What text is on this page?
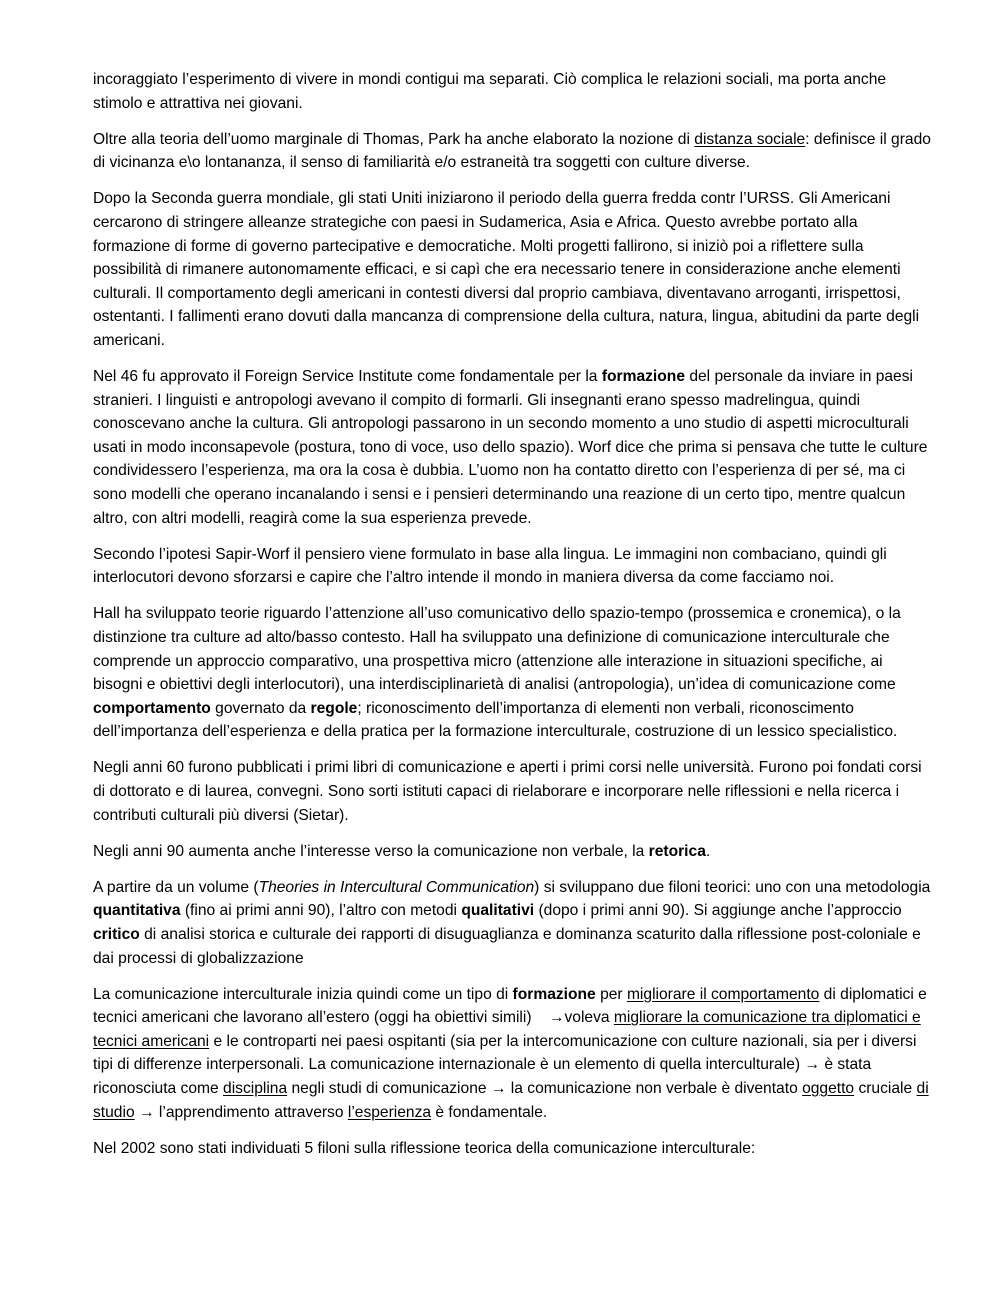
incoraggiato l’esperimento di vivere in mondi contigui ma separati. Ciò complica le relazioni sociali, ma porta anche stimolo e attrattiva nei giovani.

Oltre alla teoria dell’uomo marginale di Thomas, Park ha anche elaborato la nozione di distanza sociale: definisce il grado di vicinanza e\o lontananza, il senso di familiarità e/o estraneità tra soggetti con culture diverse.

Dopo la Seconda guerra mondiale, gli stati Uniti iniziarono il periodo della guerra fredda contr l’URSS. Gli Americani cercarono di stringere alleanze strategiche con paesi in Sudamerica, Asia e Africa. Questo avrebbe portato alla formazione di forme di governo partecipative e democratiche. Molti progetti fallirono, si iniziò poi a riflettere sulla possibilità di rimanere autonomamente efficaci, e si capì che era necessario tenere in considerazione anche elementi culturali. Il comportamento degli americani in contesti diversi dal proprio cambiava, diventavano arroganti, irrispettosi, ostentanti. I fallimenti erano dovuti dalla mancanza di comprensione della cultura, natura, lingua, abitudini da parte degli americani.

Nel 46 fu approvato il Foreign Service Institute come fondamentale per la formazione del personale da inviare in paesi stranieri. I linguisti e antropologi avevano il compito di formarli. Gli insegnanti erano spesso madrelingua, quindi conoscevano anche la cultura. Gli antropologi passarono in un secondo momento a uno studio di aspetti microculturali usati in modo inconsapevole (postura, tono di voce, uso dello spazio). Worf dice che prima si pensava che tutte le culture condividessero l’esperienza, ma ora la cosa è dubbia. L’uomo non ha contatto diretto con l’esperienza di per sé, ma ci sono modelli che operano incanalando i sensi e i pensieri determinando una reazione di un certo tipo, mentre qualcun altro, con altri modelli, reagirà come la sua esperienza prevede.

Secondo l’ipotesi Sapir-Worf il pensiero viene formulato in base alla lingua. Le immagini non combaciano, quindi gli interlocutori devono sforzarsi e capire che l’altro intende il mondo in maniera diversa da come facciamo noi.

Hall ha sviluppato teorie riguardo l’attenzione all’uso comunicativo dello spazio-tempo (prossemica e cronemica), o la distinzione tra culture ad alto/basso contesto. Hall ha sviluppato una definizione di comunicazione interculturale che comprende un approccio comparativo, una prospettiva micro (attenzione alle interazione in situazioni specifiche, ai bisogni e obiettivi degli interlocutori), una interdisciplinarietà di analisi (antropologia), un’idea di comunicazione come comportamento governato da regole; riconoscimento dell’importanza di elementi non verbali, riconoscimento dell’importanza dell’esperienza e della pratica per la formazione interculturale, costruzione di un lessico specialistico.

Negli anni 60 furono pubblicati i primi libri di comunicazione e aperti i primi corsi nelle università. Furono poi fondati corsi di dottorato e di laurea, convegni. Sono sorti istituti capaci di rielaborare e incorporare nelle riflessioni e nella ricerca i contributi culturali più diversi (Sietar).

Negli anni 90 aumenta anche l’interesse verso la comunicazione non verbale, la retorica.

A partire da un volume (Theories in Intercultural Communication) si sviluppano due filoni teorici: uno con una metodologia quantitativa (fino ai primi anni 90), l’altro con metodi qualitativi (dopo i primi anni 90). Si aggiunge anche l’approccio critico di analisi storica e culturale dei rapporti di disuguaglianza e dominanza scaturito dalla riflessione post-coloniale e dai processi di globalizzazione

La comunicazione interculturale inizia quindi come un tipo di formazione per migliorare il comportamento di diplomatici e tecnici americani che lavorano all’estero (oggi ha obiettivi simili)    →voleva migliorare la comunicazione tra diplomatici e tecnici americani e le controparti nei paesi ospitanti (sia per la intercomunicazione con culture nazionali, sia per i diversi tipi di differenze interpersonali. La comunicazione internazionale è un elemento di quella interculturale) → è stata riconosciuta come disciplina negli studi di comunicazione → la comunicazione non verbale è diventato oggetto cruciale di studio → l’apprendimento attraverso l’esperienza è fondamentale.

Nel 2002 sono stati individuati 5 filoni sulla riflessione teorica della comunicazione interculturale:
